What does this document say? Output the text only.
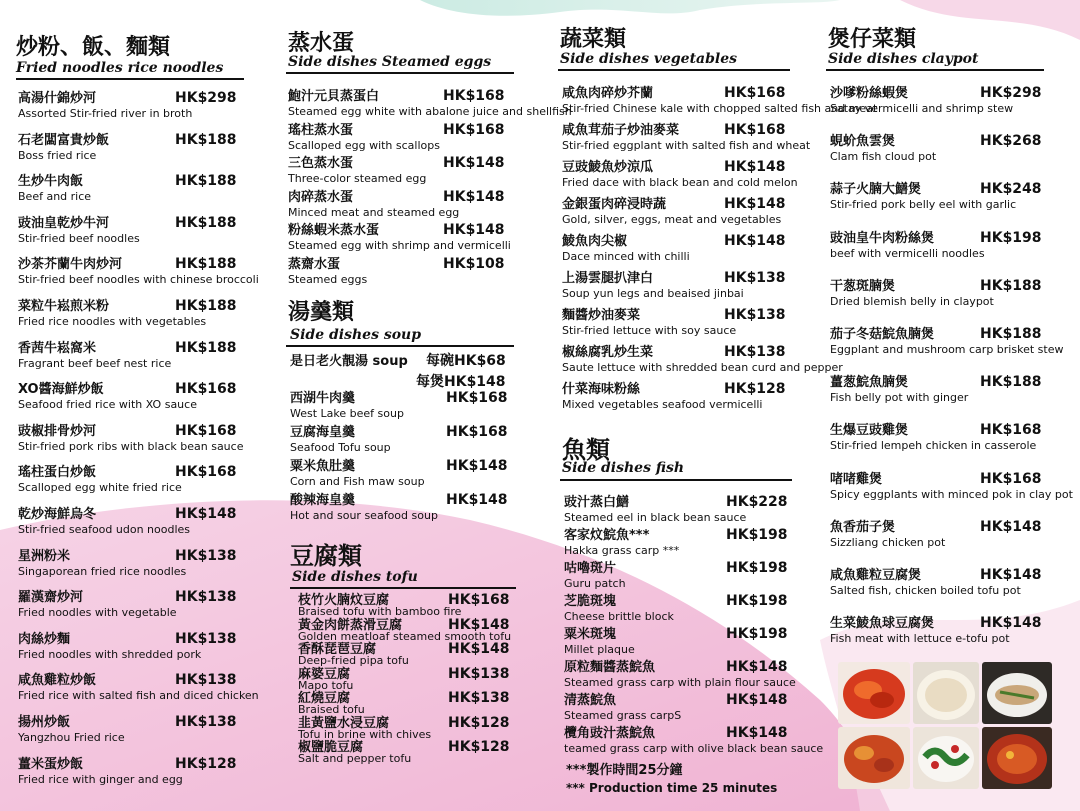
炒粉、飯、麵類
Fried noodles rice noodles
高湯什錦炒河	HK$298
Assorted Stir-fried river in broth
石老闆富貴炒飯	HK$188
Boss fried rice
生炒牛肉飯	HK$188
Beef and rice
豉油皇乾炒牛河	HK$188
Stir-fried beef noodles
沙茶芥蘭牛肉炒河	HK$188
Stir-fried beef noodles with chinese broccoli
菜粒牛崧煎米粉	HK$188
Fried rice noodles with vegetables
香茜牛崧窩米	HK$188
Fragrant beef beef nest rice
XO醬海鮮炒飯	HK$168
Seafood fried rice with XO sauce
豉椒排骨炒河	HK$168
Stir-fried pork ribs with black bean sauce
瑤柱蛋白炒飯	HK$168
Scalloped egg white fried rice
乾炒海鮮烏冬	HK$148
Stir-fried seafood udon noodles
星洲粉米	HK$138
Singaporean fried rice noodles
羅漢齋炒河	HK$138
Fried noodles with vegetable
肉絲炒麵	HK$138
Fried noodles with shredded pork
咸魚雞粒炒飯	HK$138
Fried rice with salted fish and diced chicken
揚州炒飯	HK$138
Yangzhou Fried rice
薑米蛋炒飯	HK$128
Fried rice with ginger and egg
蒸水蛋
Side dishes Steamed eggs
鮑汁元貝蒸蛋白	HK$168
Steamed egg white with abalone juice and shellfish
瑤柱蒸水蛋	HK$168
Scalloped egg with scallops
三色蒸水蛋	HK$148
Three-color steamed egg
肉碎蒸水蛋	HK$148
Minced meat and steamed egg
粉絲蝦米蒸水蛋	HK$148
Steamed egg with shrimp and vermicelli
蒸齋水蛋	HK$108
Steamed eggs
湯羹類
Side dishes soup
是日老火靚湯 soup 每碗HK$68
每煲HK$148
西湖牛肉羹	HK$168
West Lake beef soup
豆腐海皇羹	HK$168
Seafood Tofu soup
粟米魚肚羹	HK$148
Corn and Fish maw soup
酸辣海皇羹	HK$148
Hot and sour seafood soup
豆腐類
Side dishes tofu
枝竹火腩炆豆腐	HK$168
Braised tofu with bamboo fire
黃金肉餅蒸滑豆腐	HK$148
Golden meatloaf steamed smooth tofu
香酥琵琶豆腐	HK$148
Deep-fried pipa tofu
麻婆豆腐	HK$138
Mapo tofu
紅燒豆腐	HK$138
Braised tofu
韭黃鹽水浸豆腐	HK$128
Tofu in brine with chives
椒鹽脆豆腐	HK$128
Salt and pepper tofu
蔬菜類
Side dishes vegetables
咸魚肉碎炒芥蘭	HK$168
Stir-fried Chinese kale with chopped salted fish and meat
咸魚茸茄子炒油麥菜	HK$168
Stir-fried eggplant with salted fish and wheat
豆豉鯪魚炒涼瓜	HK$148
Fried dace with black bean and cold melon
金銀蛋肉碎浸時蔬	HK$148
Gold, silver, eggs, meat and vegetables
鯪魚肉尖椒	HK$148
Dace minced with chilli
上湯雲腿扒津白	HK$138
Soup yun legs and beaised jinbai
麵醬炒油麥菜	HK$138
Stir-fried lettuce with soy sauce
椒絲腐乳炒生菜	HK$138
Saute lettuce with shredded bean curd and pepper
什菜海味粉絲	HK$128
Mixed vegetables seafood vermicelli
魚類
Side dishes fish
豉汁蒸白鱔	HK$228
Steamed eel in black bean sauce
客家炆鯇魚***	HK$198
Hakka grass carp ***
咕嚕斑片	HK$198
Guru patch
芝脆斑塊	HK$198
Cheese brittle block
粟米斑塊	HK$198
Millet plaque
原粒麵醬蒸鯇魚	HK$148
Steamed grass carp with plain flour sauce
清蒸鯇魚	HK$148
Steamed grass carpS
欖角豉汁蒸鯇魚	HK$148
teamed grass carp with olive black bean sauce
***製作時間25分鐘
*** Production time 25 minutes
煲仔菜類
Side dishes claypot
沙嗲粉絲蝦煲	HK$298
Satay vermicelli and shrimp stew
蜆蚧魚雲煲	HK$268
Clam fish cloud pot
蒜子火腩大鱔煲	HK$248
Stir-fried pork belly eel with garlic
豉油皇牛肉粉絲煲	HK$198
beef with vermicelli noodles
干葱斑腩煲	HK$188
Dried blemish belly in claypot
茄子冬菇鯇魚腩煲	HK$188
Eggplant and mushroom carp brisket stew
薑葱鯇魚腩煲	HK$188
Fish belly pot with ginger
生爆豆豉雞煲	HK$168
Stir-fried lempeh chicken in casserole
啫啫雞煲	HK$168
Spicy eggplants with minced pok in clay pot
魚香茄子煲	HK$148
Sizzliang chicken pot
咸魚雞粒豆腐煲	HK$148
Salted fish, chicken boiled tofu pot
生菜鯪魚球豆腐煲	HK$148
Fish meat with lettuce e-tofu pot
